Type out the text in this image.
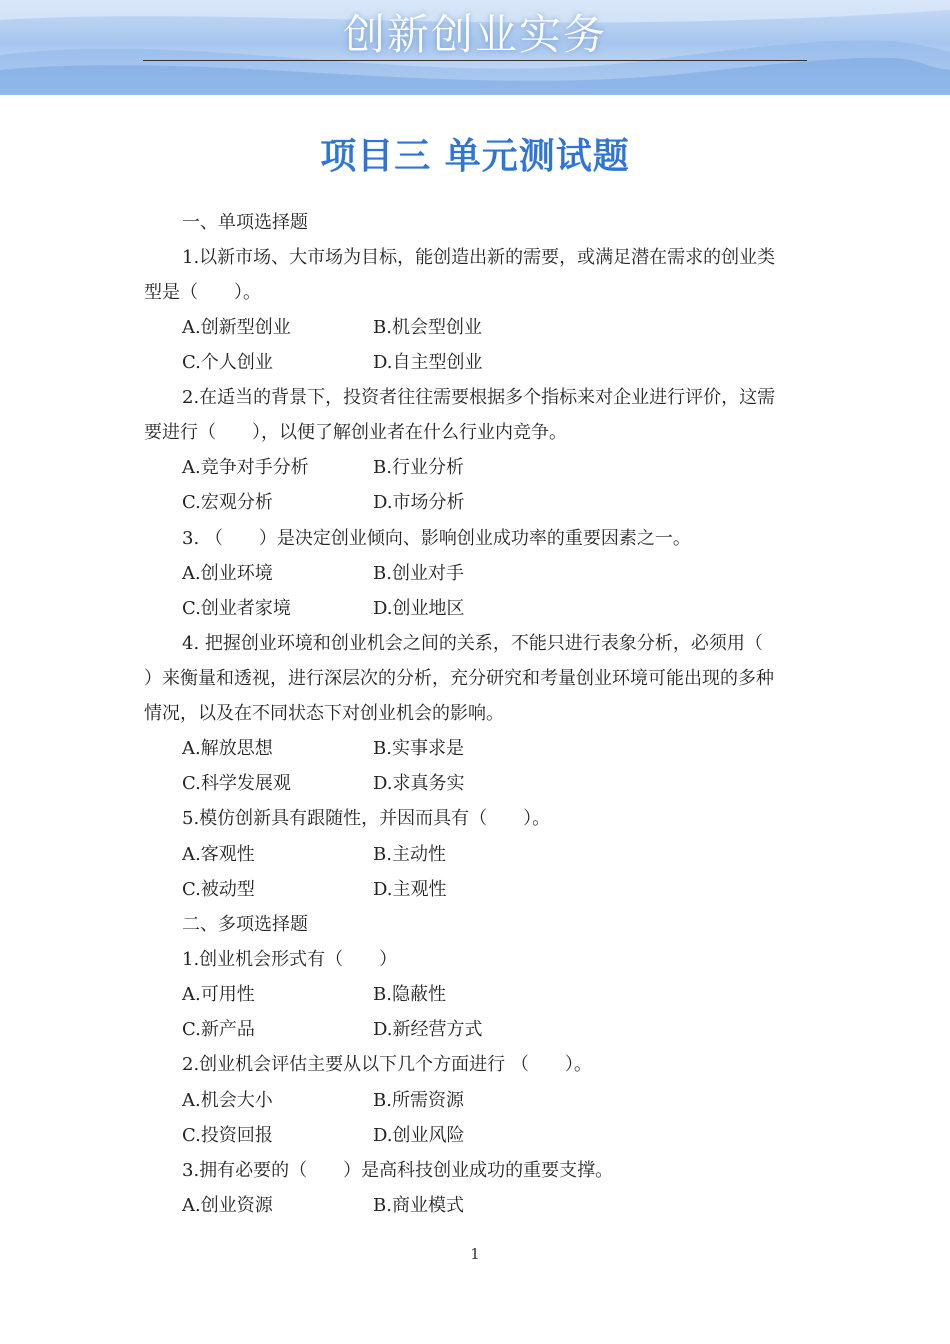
创新创业实务
项目三 单元测试题
一、单项选择题
1.以新市场、大市场为目标，能创造出新的需要，或满足潜在需求的创业类
型是（　　）。
A.创新型创业	B.机会型创业
C.个人创业	D.自主型创业
2.在适当的背景下，投资者往往需要根据多个指标来对企业进行评价，这需
要进行（　　），以便了解创业者在什么行业内竞争。
A.竞争对手分析	B.行业分析
C.宏观分析	D.市场分析
3. （　　）是决定创业倾向、影响创业成功率的重要因素之一。
A.创业环境	B.创业对手
C.创业者家境	D.创业地区
4. 把握创业环境和创业机会之间的关系，不能只进行表象分析，必须用（
）来衡量和透视，进行深层次的分析，充分研究和考量创业环境可能出现的多种
情况，以及在不同状态下对创业机会的影响。
A.解放思想	B.实事求是
C.科学发展观	D.求真务实
5.模仿创新具有跟随性，并因而具有（　　）。
A.客观性	B.主动性
C.被动型	D.主观性
二、多项选择题
1.创业机会形式有（　　）
A.可用性	B.隐蔽性
C.新产品	D.新经营方式
2.创业机会评估主要从以下几个方面进行 （　　）。
A.机会大小	B.所需资源
C.投资回报	D.创业风险
3.拥有必要的（　　）是高科技创业成功的重要支撑。
A.创业资源	B.商业模式
1
